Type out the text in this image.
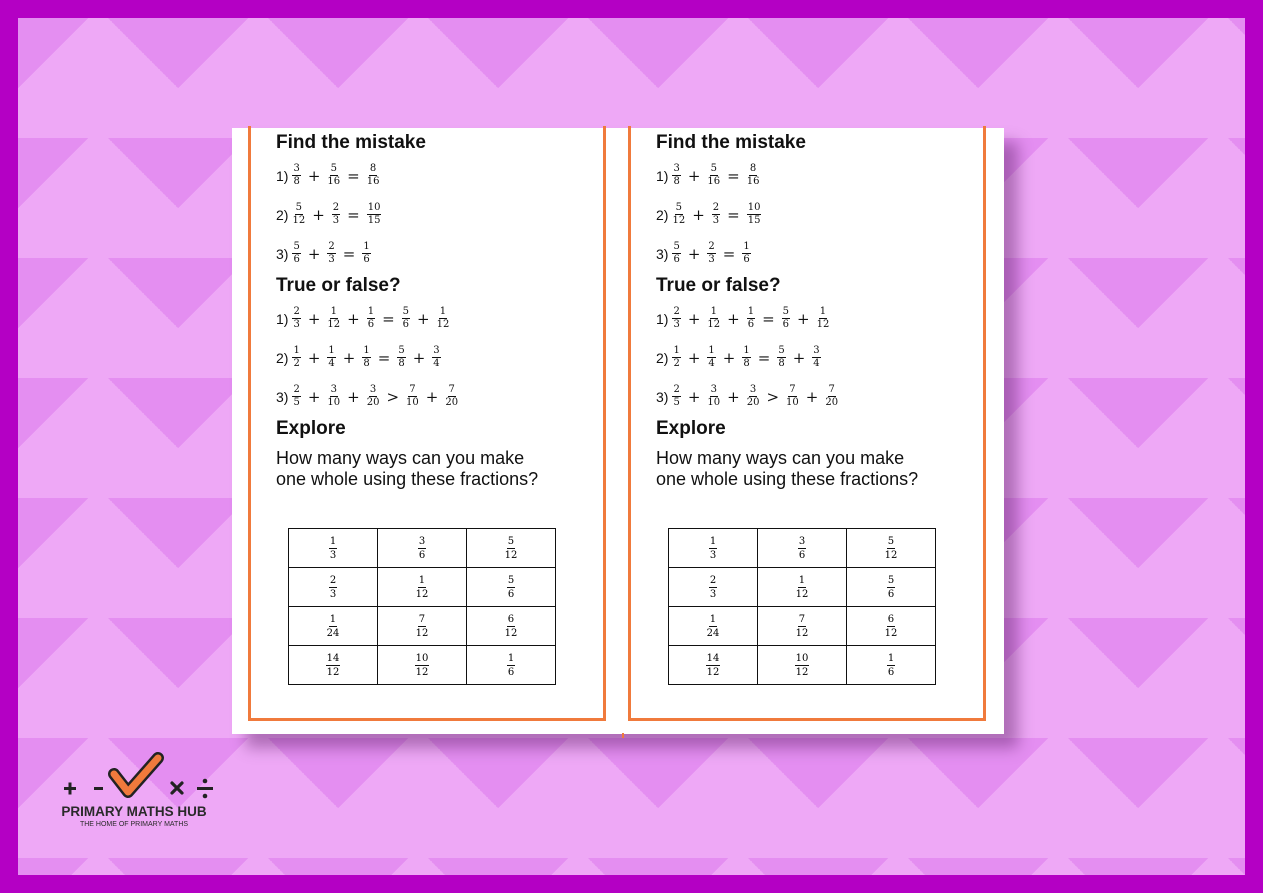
Find the mistake
$1) \frac{3}{8} + \frac{5}{16} = \frac{8}{16}$
$2) \frac{5}{12} + \frac{2}{3} = \frac{10}{15}$
$3) \frac{5}{6} + \frac{2}{3} = \frac{1}{6}$
True or false?
$1) \frac{2}{3} + \frac{1}{12} + \frac{1}{6} = \frac{5}{6} + \frac{1}{12}$
$2) \frac{1}{2} + \frac{1}{4} + \frac{1}{8} = \frac{5}{8} + \frac{3}{4}$
$3) \frac{2}{5} + \frac{3}{10} + \frac{3}{20} > \frac{7}{10} + \frac{7}{20}$
Explore
How many ways can you make
one whole using these fractions?
$\frac{1}{3}$	$\frac{3}{6}$	$\frac{5}{12}$

$\frac{2}{3}$	$\frac{1}{12}$	$\frac{5}{6}$

$\frac{1}{24}$	$\frac{7}{12}$	$\frac{6}{12}$

$\frac{14}{12}$	$\frac{10}{12}$	$\frac{1}{6}$
Find the mistake
$1) \frac{3}{8} + \frac{5}{16} = \frac{8}{16}$
$2) \frac{5}{12} + \frac{2}{3} = \frac{10}{15}$
$3) \frac{5}{6} + \frac{2}{3} = \frac{1}{6}$
True or false?
$1) \frac{2}{3} + \frac{1}{12} + \frac{1}{6} = \frac{5}{6} + \frac{1}{12}$
$2) \frac{1}{2} + \frac{1}{4} + \frac{1}{8} = \frac{5}{8} + \frac{3}{4}$
$3) \frac{2}{5} + \frac{3}{10} + \frac{3}{20} > \frac{7}{10} + \frac{7}{20}$
Explore
How many ways can you make
one whole using these fractions?
$\frac{1}{3}$	$\frac{3}{6}$	$\frac{5}{12}$

$\frac{2}{3}$	$\frac{1}{12}$	$\frac{5}{6}$

$\frac{1}{24}$	$\frac{7}{12}$	$\frac{6}{12}$

$\frac{14}{12}$	$\frac{10}{12}$	$\frac{1}{6}$
PRIMARY MATHS HUB
THE HOME OF PRIMARY MATHS
